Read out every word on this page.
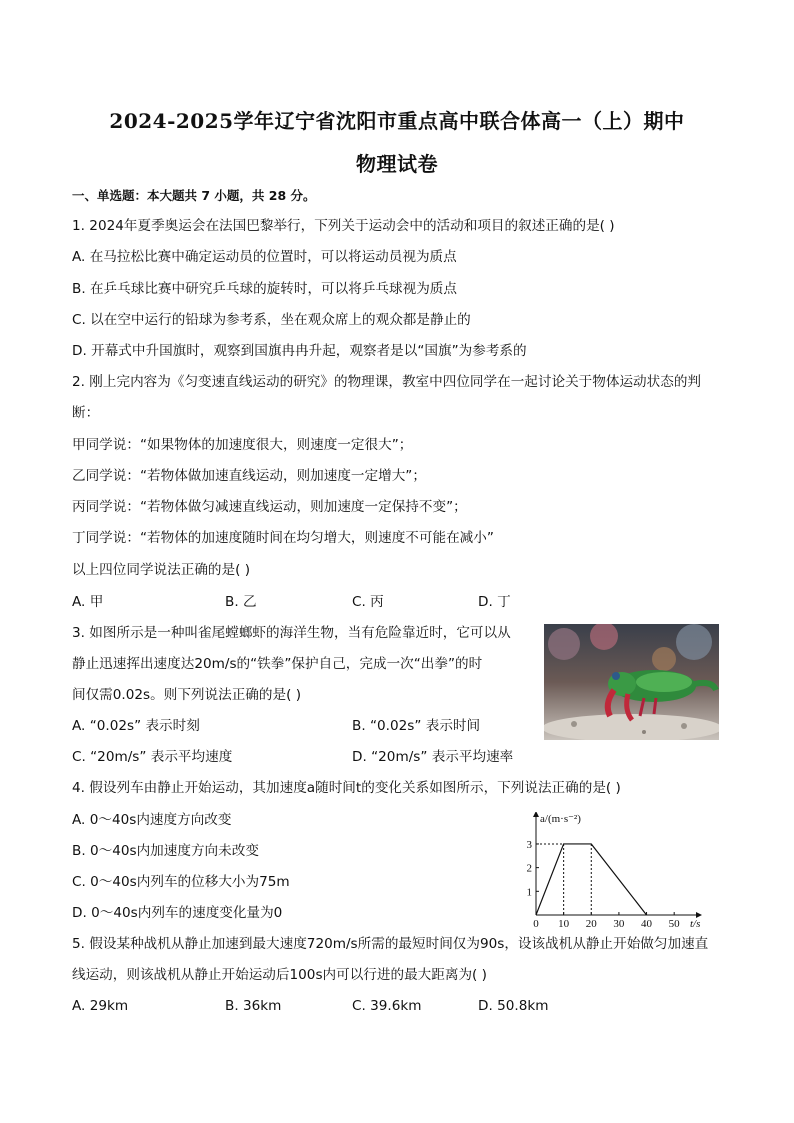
2024-2025学年辽宁省沈阳市重点高中联合体高一（上）期中
物理试卷
一、单选题：本大题共 7 小题，共 28 分。
1. 2024年夏季奥运会在法国巴黎举行，下列关于运动会中的活动和项目的叙述正确的是( )
A. 在马拉松比赛中确定运动员的位置时，可以将运动员视为质点
B. 在乒乓球比赛中研究乒乓球的旋转时，可以将乒乓球视为质点
C. 以在空中运行的铅球为参考系，坐在观众席上的观众都是静止的
D. 开幕式中升国旗时，观察到国旗冉冉升起，观察者是以“国旗”为参考系的
2. 刚上完内容为《匀变速直线运动的研究》的物理课，教室中四位同学在一起讨论关于物体运动状态的判
断：
甲同学说：“如果物体的加速度很大，则速度一定很大”；
乙同学说：“若物体做加速直线运动，则加速度一定增大”；
丙同学说：“若物体做匀减速直线运动，则加速度一定保持不变”；
丁同学说：“若物体的加速度随时间在均匀增大，则速度不可能在减小”
以上四位同学说法正确的是( )
A. 甲	B. 乙	C. 丙	D. 丁
3. 如图所示是一种叫雀尾螳螂虾的海洋生物，当有危险靠近时，它可以从
静止迅速挥出速度达20m/s的“铁拳”保护自己，完成一次“出拳”的时
间仅需0.02s。则下列说法正确的是( )
A. “0.02s” 表示时刻	B. “0.02s” 表示时间
C. “20m/s” 表示平均速度	D. “20m/s” 表示平均速率
4. 假设列车由静止开始运动，其加速度a随时间t的变化关系如图所示，下列说法正确的是( )
A. 0～40s内速度方向改变
B. 0～40s内加速度方向未改变
C. 0～40s内列车的位移大小为75m
D. 0～40s内列车的速度变化量为0
0 10 20 30 40 50
1
2
3
a/(m·s⁻²)
t/s
5. 假设某种战机从静止加速到最大速度720m/s所需的最短时间仅为90s，设该战机从静止开始做匀加速直
线运动，则该战机从静止开始运动后100s内可以行进的最大距离为( )
A. 29km	B. 36km	C. 39.6km	D. 50.8km
